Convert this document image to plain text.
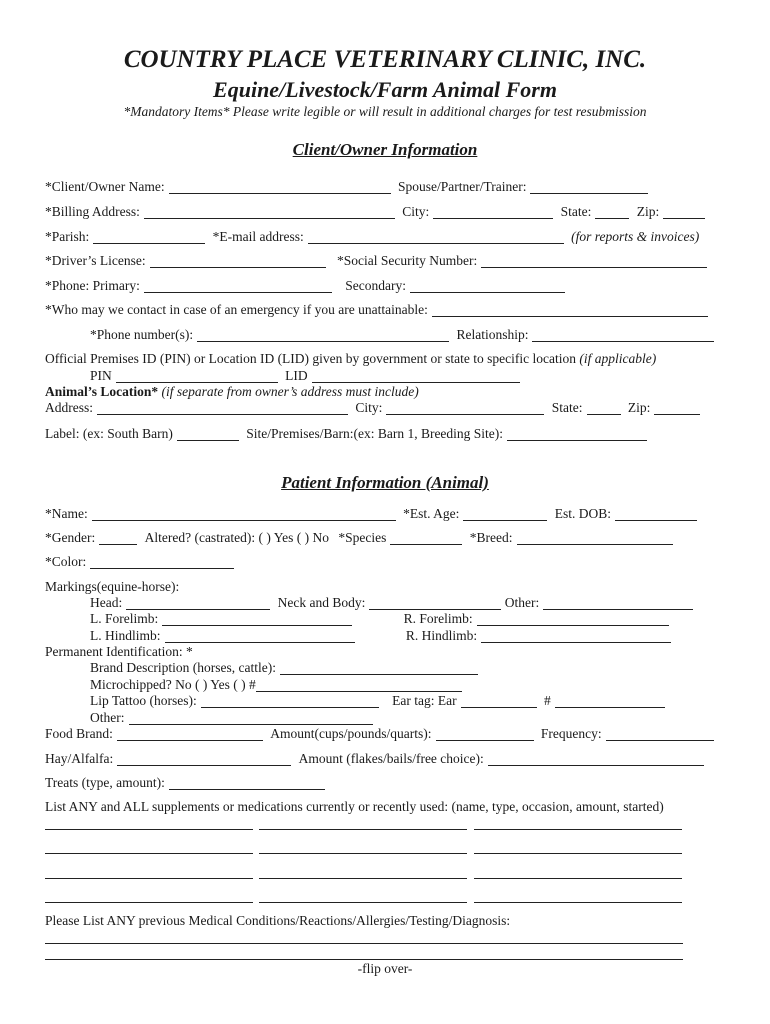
COUNTRY PLACE VETERINARY CLINIC, INC.
Equine/Livestock/Farm Animal Form
*Mandatory Items* Please write legible or will result in additional charges for test resubmission
Client/Owner Information
*Client/Owner Name:	Spouse/Partner/Trainer:
*Billing Address:	City:	State:	Zip:
*Parish:	*E-mail address:	(for reports & invoices)
*Driver’s License:	*Social Security Number:
*Phone: Primary:	Secondary:
*Who may we contact in case of an emergency if you are unattainable:
*Phone number(s):	Relationship:
Official Premises ID (PIN) or Location ID (LID) given by government or state to specific location (if applicable)
PIN	LID
Animal’s Location* (if separate from owner’s address must include)
Address:	City:	State:	Zip:
Label: (ex: South Barn)	Site/Premises/Barn:(ex: Barn 1, Breeding Site):
Patient Information (Animal)
*Name:	*Est. Age:	Est. DOB:
*Gender:	Altered? (castrated): ( ) Yes ( ) No *Species	*Breed:
*Color:
Markings(equine-horse):
Head:	Neck and Body:	Other:
L. Forelimb:	R. Forelimb:
L. Hindlimb:	R. Hindlimb:
Permanent Identification: *
Brand Description (horses, cattle):
Microchipped? No ( ) Yes ( ) #
Lip Tattoo (horses):	Ear tag: Ear	#
Other:
Food Brand:	Amount(cups/pounds/quarts):	Frequency:
Hay/Alfalfa:	Amount (flakes/bails/free choice):
Treats (type, amount):
List ANY and ALL supplements or medications currently or recently used: (name, type, occasion, amount, started)
Please List ANY previous Medical Conditions/Reactions/Allergies/Testing/Diagnosis:
-flip over-
